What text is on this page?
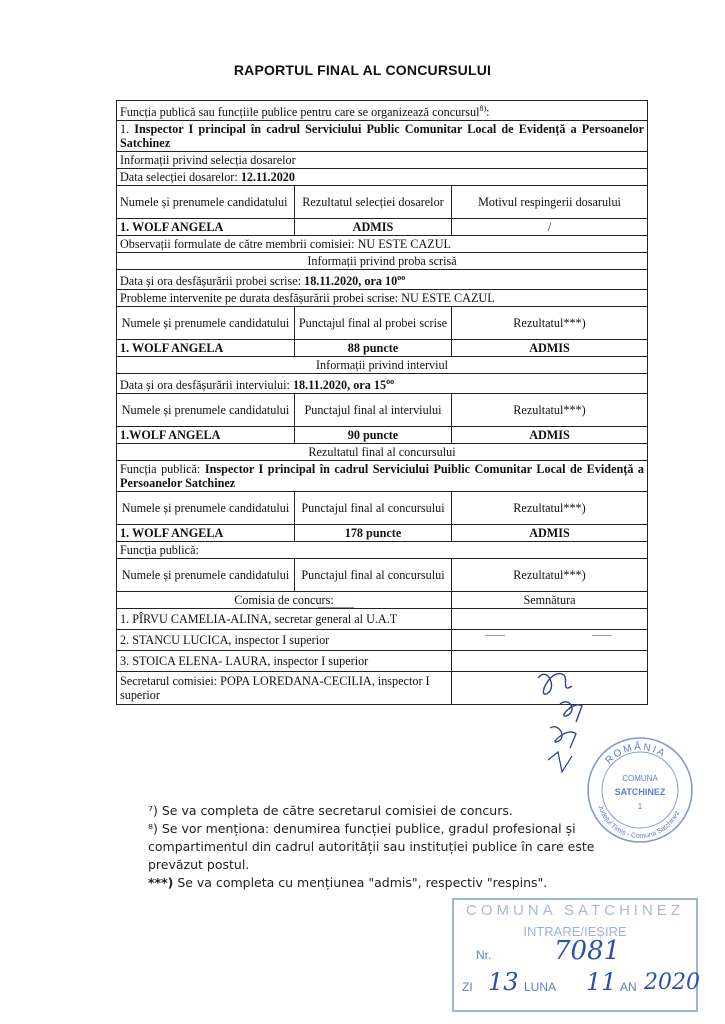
RAPORTUL FINAL AL CONCURSULUI
Funcția publică sau funcțiile publice pentru care se organizează concursul$^{8)}$:		
1. Inspector I principal în cadrul Serviciului Public Comunitar Local de Evidență a Persoanelor Satchinez		
Informații privind selecția dosarelor		
Data selecției dosarelor: 12.11.2020		
Numele și prenumele candidatului	Rezultatul selecției dosarelor	Motivul respingerii dosarului
1. WOLF ANGELA	ADMIS	/
Observații formulate de către membrii comisiei: NU ESTE CAZUL		
Informații privind proba scrisă		
Data și ora desfășurării probei scrise: 18.11.2020, ora $10^{oo}$
Probleme intervenite pe durata desfășurării probei scrise: NU ESTE CAZUL		
Numele și prenumele candidatului	Punctajul final al probei scrise	Rezultatul***)
1. WOLF ANGELA	88 puncte	ADMIS
Informații privind interviul		
Data și ora desfășurării interviului: 18.11.2020, ora $15^{oo}$
Numele și prenumele candidatului	Punctajul final al interviului	Rezultatul***)
1.WOLF ANGELA	90 puncte	ADMIS
Rezultatul final al concursului		
Funcția publică: Inspector I principal în cadrul Serviciului Puiblic Comunitar Local de Evidență a Persoanelor Satchinez		
Numele și prenumele candidatului	Punctajul final al concursului	Rezultatul***)
1. WOLF ANGELA	178 puncte	ADMIS
Funcția publică:		
Numele și prenumele candidatului	Punctajul final al concursului	Rezultatul***)
Comisia de concurs:		Semnătura
1. PÎRVU CAMELIA-ALINA, secretar general al U.A.T		
2. STANCU LUCICA, inspector I superior		
3. STOICA ELENA- LAURA, inspector I superior		
Secretarul comisiei: POPA LOREDANA-CECILIA, inspector I superior		
ROMÂNIA
Județul Timiș - Comuna Satchinez
COMUNA
SATCHINEZ
1

⁷) Se va completa de către secretarul comisiei de concurs.

⁸) Se vor menționa: denumirea funcției publice, gradul profesional și compartimentul din cadrul autorității sau instituției publice în care este prevăzut postul.

***) Se va completa cu mențiunea "admis", respectiv "respins".

COMUNA SATCHINEZ
INTRARE/IEȘIRE
Nr. 7081
ZI 13 LUNA 11 AN 2020
